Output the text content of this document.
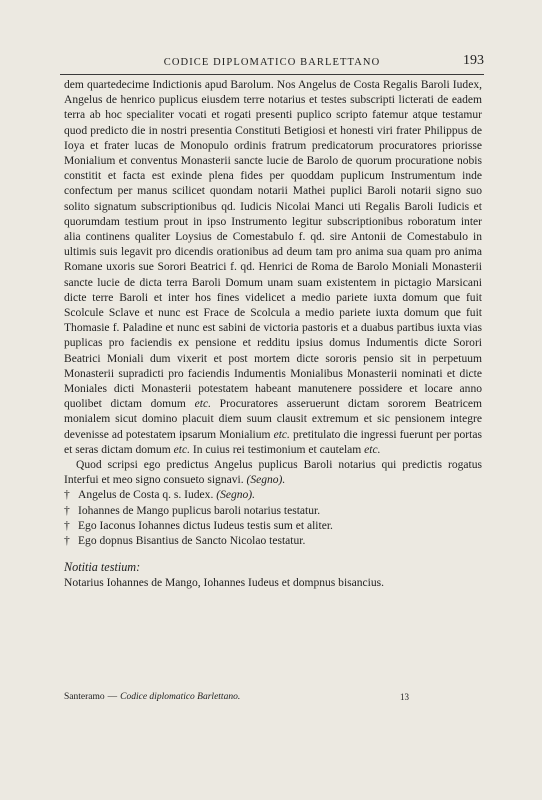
CODICE DIPLOMATICO BARLETTANO	193

dem quartedecime Indictionis apud Barolum. Nos Angelus de Costa Regalis Baroli Iudex, Angelus de henrico puplicus eiusdem terre notarius et testes subscripti licterati de eadem terra ab hoc specialiter vocati et rogati presenti puplico scripto fatemur atque testamur quod predicto die in nostri presentia Constituti Betigiosi et honesti viri frater Philippus de Ioya et frater lucas de Monopulo ordinis fratrum predicatorum procuratores priorisse Monialium et conventus Monasterii sancte lucie de Barolo de quorum procuratione nobis constitit et facta est exinde plena fides per quoddam puplicum Instrumentum inde confectum per manus scilicet quondam notarii Mathei puplici Baroli notarii signo suo solito signatum subscriptionibus qd. Iudicis Nicolai Manci uti Regalis Baroli Iudicis et quorumdam testium prout in ipso Instrumento legitur subscriptionibus roboratum inter alia continens qualiter Loysius de Comestabulo f. qd. sire Antonii de Comestabulo in ultimis suis legavit pro dicendis orationibus ad deum tam pro anima sua quam pro anima Romane uxoris sue Sorori Beatrici f. qd. Henrici de Roma de Barolo Moniali Monasterii sancte lucie de dicta terra Baroli Domum unam suam existentem in pictagio Marsicani dicte terre Baroli et inter hos fines videlicet a medio pariete iuxta domum que fuit Scolcule Sclave et nunc est Frace de Scolcula a medio pariete iuxta domum que fuit Thomasie f. Paladine et nunc est sabini de victoria pastoris et a duabus partibus iuxta vias puplicas pro faciendis ex pensione et redditu ipsius domus Indumentis dicte Sorori Beatrici Moniali dum vixerit et post mortem dicte sororis pensio sit in perpetuum Monasterii supradicti pro faciendis Indumentis Monialibus Monasterii nominati et dicte Moniales dicti Monasterii potestatem habeant manutenere possidere et locare anno quolibet dictam domum etc. Procuratores asseruerunt dictam sororem Beatricem monialem sicut domino placuit diem suum clausit extremum et sic pensionem integre devenisse ad potestatem ipsarum Monialium etc. pretitulato die ingressi fuerunt per portas et seras dictam domum etc. In cuius rei testimonium et cautelam etc.

Quod scripsi ego predictus Angelus puplicus Baroli notarius qui predictis rogatus Interfui et meo signo consueto signavi. (Segno).

† Angelus de Costa q. s. Iudex. (Segno).

† Iohannes de Mango puplicus baroli notarius testatur.

† Ego Iaconus Iohannes dictus Iudeus testis sum et aliter.

† Ego dopnus Bisantius de Sancto Nicolao testatur.

Notitia testium:

Notarius Iohannes de Mango, Iohannes Iudeus et dompnus bisancius.

Santeramo — Codice diplomatico Barlettano.	13
